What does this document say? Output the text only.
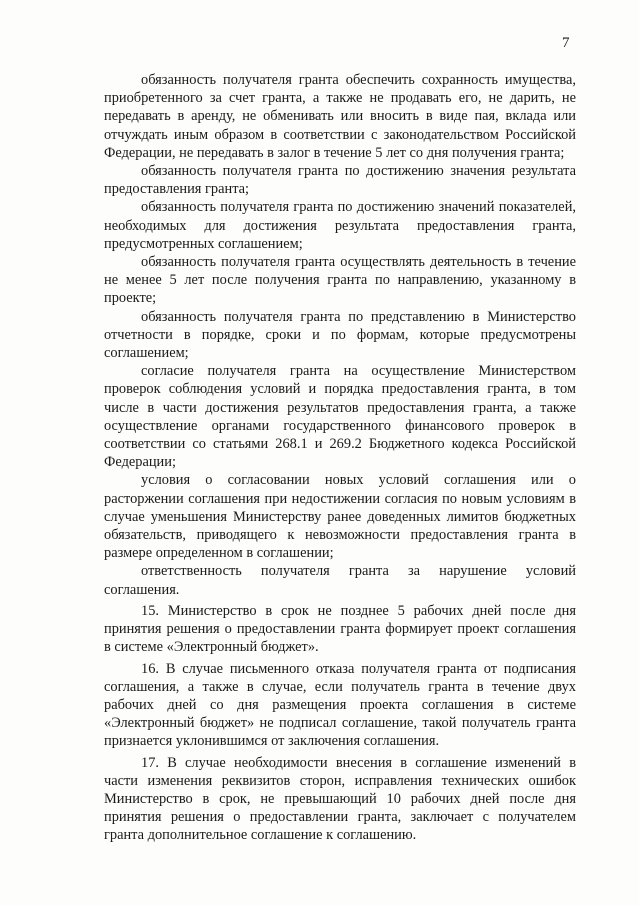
7

обязанность получателя гранта обеспечить сохранность имущества, приобретенного за счет гранта, а также не продавать его, не дарить, не передавать в аренду, не обменивать или вносить в виде пая, вклада или отчуждать иным образом в соответствии с законодательством Российской Федерации, не передавать в залог в течение 5 лет со дня получения гранта;

обязанность получателя гранта по достижению значения результата предоставления гранта;

обязанность получателя гранта по достижению значений показателей, необходимых для достижения результата предоставления гранта, предусмотренных соглашением;

обязанность получателя гранта осуществлять деятельность в течение не менее 5 лет после получения гранта по направлению, указанному в проекте;

обязанность получателя гранта по представлению в Министерство отчетности в порядке, сроки и по формам, которые предусмотрены соглашением;

согласие получателя гранта на осуществление Министерством проверок соблюдения условий и порядка предоставления гранта, в том числе в части достижения результатов предоставления гранта, а также осуществление органами государственного финансового проверок в соответствии со статьями 268.1 и 269.2 Бюджетного кодекса Российской Федерации;

условия о согласовании новых условий соглашения или о расторжении соглашения при недостижении согласия по новым условиям в случае уменьшения Министерству ранее доведенных лимитов бюджетных обязательств, приводящего к невозможности предоставления гранта в размере определенном в соглашении;

ответственность получателя гранта за нарушение условий соглашения.

15. Министерство в срок не позднее 5 рабочих дней после дня принятия решения о предоставлении гранта формирует проект соглашения в системе «Электронный бюджет».

16. В случае письменного отказа получателя гранта от подписания соглашения, а также в случае, если получатель гранта в течение двух рабочих дней со дня размещения проекта соглашения в системе «Электронный бюджет» не подписал соглашение, такой получатель гранта признается уклонившимся от заключения соглашения.

17. В случае необходимости внесения в соглашение изменений в части изменения реквизитов сторон, исправления технических ошибок Министерство в срок, не превышающий 10 рабочих дней после дня принятия решения о предоставлении гранта, заключает с получателем гранта дополнительное соглашение к соглашению.
